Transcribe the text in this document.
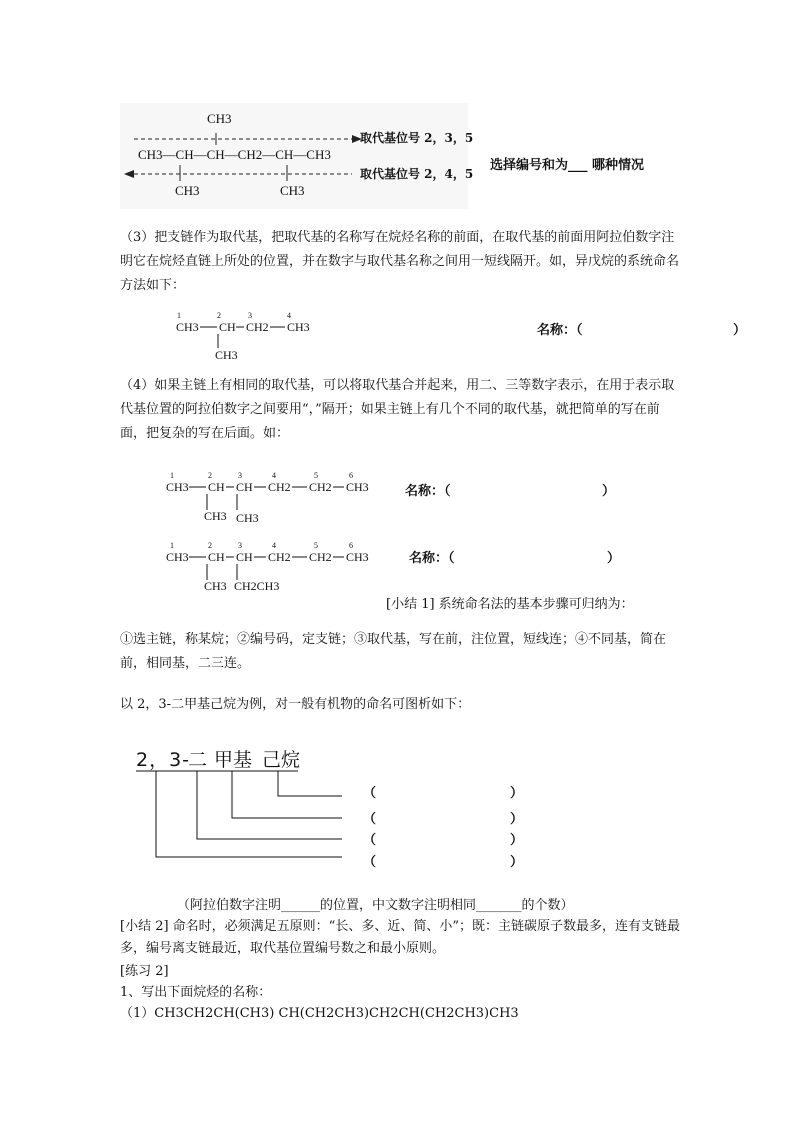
CH3
CH3—CH—CH—CH2—CH—CH3
CH3	CH3
取代基位号 2，3，5
取代基位号 2，4，5
选择编号和为___ 哪种情况
（3）把支链作为取代基，把取代基的名称写在烷烃名称的前面，在取代基的前面用阿拉伯数字注明它在烷烃直链上所处的位置，并在数字与取代基名称之间用一短线隔开。如，异戊烷的系统命名方法如下：
1	2	3	4
CH3 CH CH2 CH3
CH3
名称：（	）
（4）如果主链上有相同的取代基，可以将取代基合并起来，用二、三等数字表示，在用于表示取代基位置的阿拉伯数字之间要用“，”隔开；如果主链上有几个不同的取代基，就把简单的写在前面，把复杂的写在后面。如：
1	2	3	4	5	6
CH3 CH CH CH2 CH2 CH3
CH3 CH3
名称：（	）
1	2	3	4	5	6
CH3 CH CH CH2 CH2 CH3
CH3 CH2CH3
名称：（	）
[小结 1] 系统命名法的基本步骤可归纳为：
①选主链，称某烷；②编号码，定支链；③取代基，写在前，注位置，短线连；④不同基，简在前，相同基，二三连。
以 2，3-二甲基己烷为例，对一般有机物的命名可图析如下：
2，3-
二 甲基 己烷
（	）
（	）
（	）
（	）
（阿拉伯数字注明______的位置，中文数字注明相同_______的个数）
[小结 2] 命名时，必须满足五原则：“长、多、近、简、小”；既：主链碳原子数最多，连有支链最多，编号离支链最近，取代基位置编号数之和最小原则。
[练习 2]
1、写出下面烷烃的名称：
（1）CH3CH2CH(CH3) CH(CH2CH3)CH2CH(CH2CH3)CH3
